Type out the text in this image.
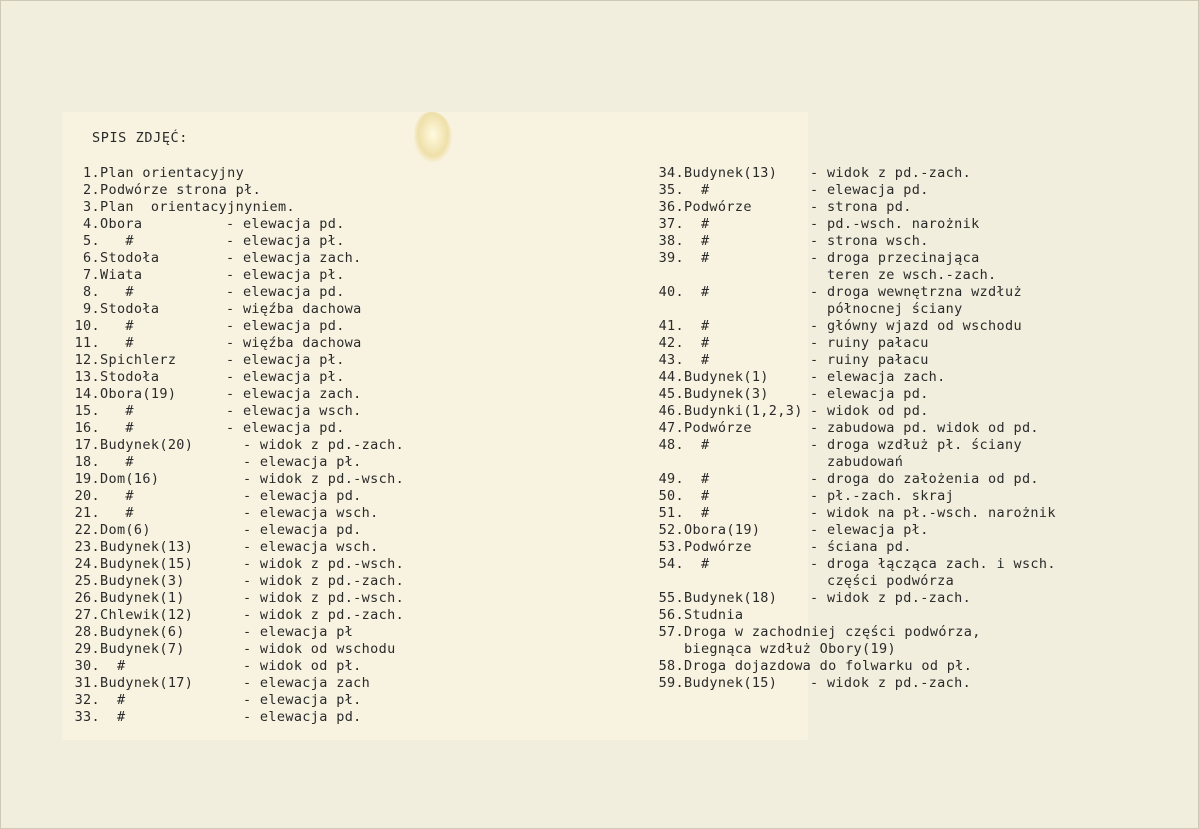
SPIS ZDJĘĆ:
1. Plan orientacyjny
2. Podwórze strona pł.
3. Plan  orientacyjnyniem.
4. Obora	- elewacja pd.
5. #	- elewacja pł.
6. Stodoła	- elewacja zach.
7. Wiata	- elewacja pł.
8. #	- elewacja pd.
9. Stodoła	- więźba dachowa
10. #	- elewacja pd.
11. #	- więźba dachowa
12. Spichlerz	- elewacja pł.
13. Stodoła	- elewacja pł.
14. Obora(19)	- elewacja zach.
15. #	- elewacja wsch.
16. #	- elewacja pd.
17. Budynek(20)	- widok z pd.-zach.
18. #	- elewacja pł.
19. Dom(16)	- widok z pd.-wsch.
20. #	- elewacja pd.
21. #	- elewacja wsch.
22. Dom(6)	- elewacja pd.
23. Budynek(13)	- elewacja wsch.
24. Budynek(15)	- widok z pd.-wsch.
25. Budynek(3)	- widok z pd.-zach.
26. Budynek(1)	- widok z pd.-wsch.
27. Chlewik(12)	- widok z pd.-zach.
28. Budynek(6)	- elewacja pł
29. Budynek(7)	- widok od wschodu
30. #	- widok od pł.
31. Budynek(17)	- elewacja zach
32. #	- elewacja pł.
33. #	- elewacja pd.
34. Budynek(13)	- widok z pd.-zach.
35. #	- elewacja pd.
36. Podwórze	- strona pd.
37. #	- pd.-wsch. narożnik
38. #	- strona wsch.
39. #	- droga przecinająca
teren ze wsch.-zach.
40. #	- droga wewnętrzna wzdłuż
północnej ściany
41. #	- główny wjazd od wschodu
42. #	- ruiny pałacu
43. #	- ruiny pałacu
44. Budynek(1)	- elewacja zach.
45. Budynek(3)	- elewacja pd.
46. Budynki(1,2,3) - widok od pd.
47. Podwórze	- zabudowa pd. widok od pd.
48. #	- droga wzdłuż pł. ściany
zabudowań
49. #	- droga do założenia od pd.
50. #	- pł.-zach. skraj
51. #	- widok na pł.-wsch. narożnik
52. Obora(19)	- elewacja pł.
53. Podwórze	- ściana pd.
54. #	- droga łącząca zach. i wsch.
części podwórza
55. Budynek(18)	- widok z pd.-zach.
56. Studnia
57. Droga w zachodniej części podwórza,
biegnąca wzdłuż Obory(19)
58. Droga dojazdowa do folwarku od pł.
59. Budynek(15)	- widok z pd.-zach.
